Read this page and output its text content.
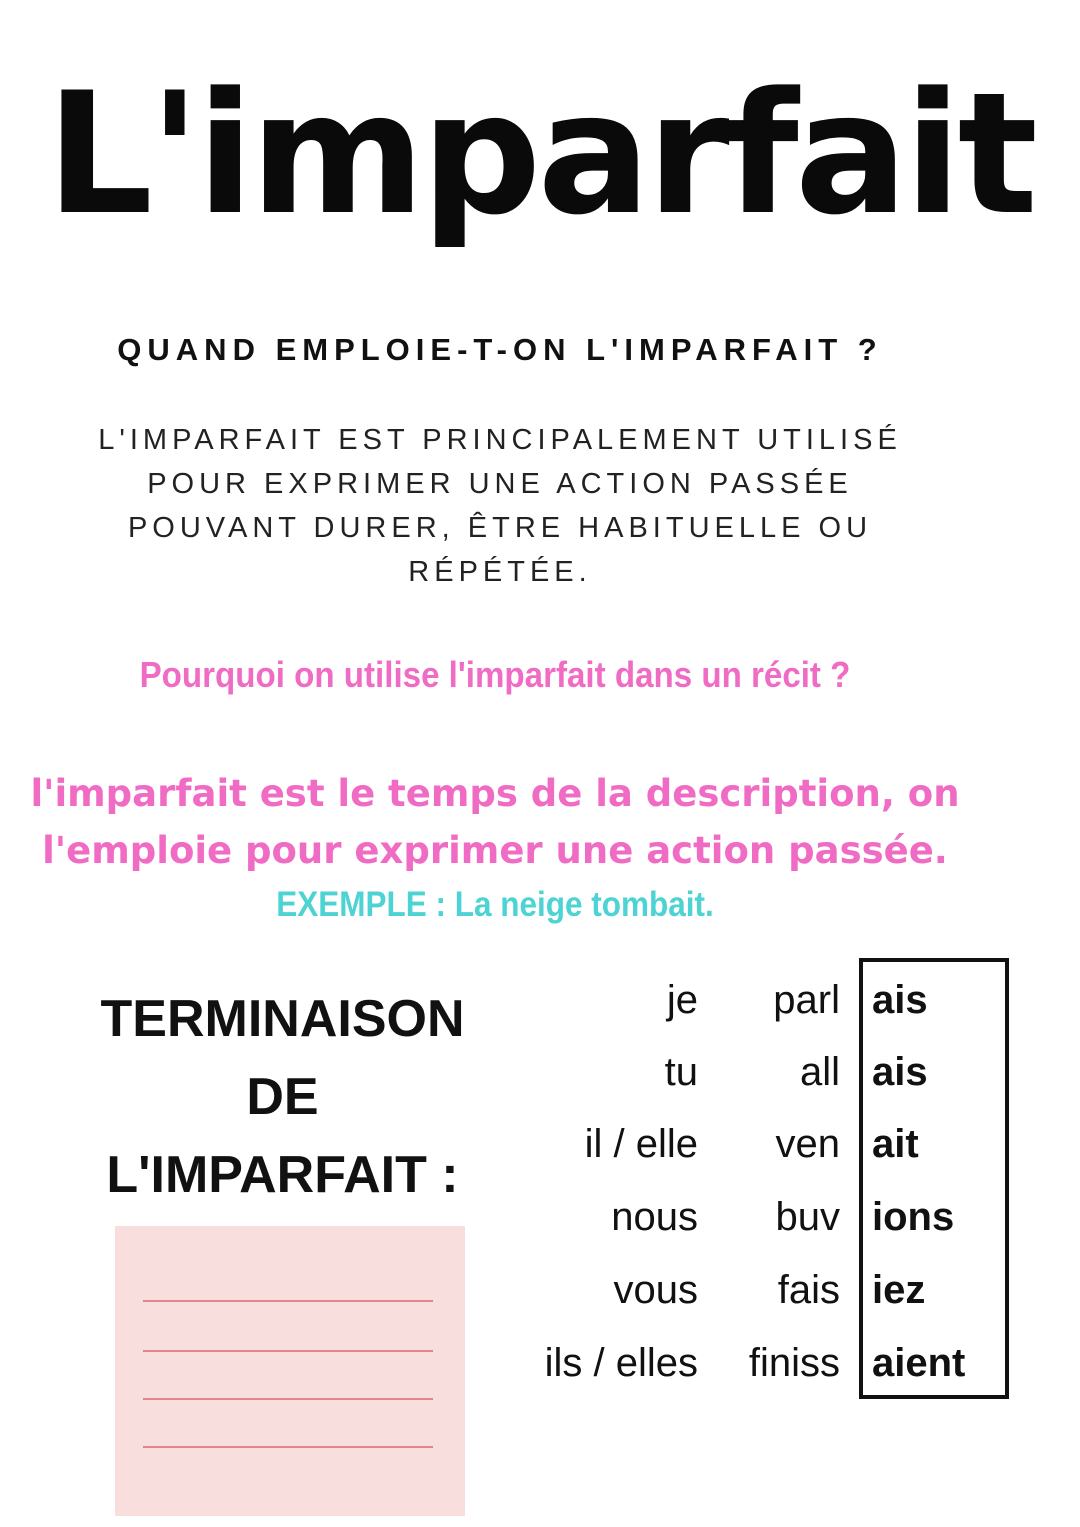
L'imparfait
QUAND EMPLOIE-T-ON L'IMPARFAIT ?
L'IMPARFAIT EST PRINCIPALEMENT UTILISÉ
POUR EXPRIMER UNE ACTION PASSÉE
POUVANT DURER, ÊTRE HABITUELLE OU
RÉPÉTÉE.
Pourquoi on utilise l'imparfait dans un récit ?
l'imparfait est le temps de la description, on
l'emploie pour exprimer une action passée.
EXEMPLE : La neige tombait.
TERMINAISON
DE
L'IMPARFAIT :
je parl ais
tu	all ais
il / elle ven ait
nous buv ions
vous fais iez
ils / elles finiss aient
